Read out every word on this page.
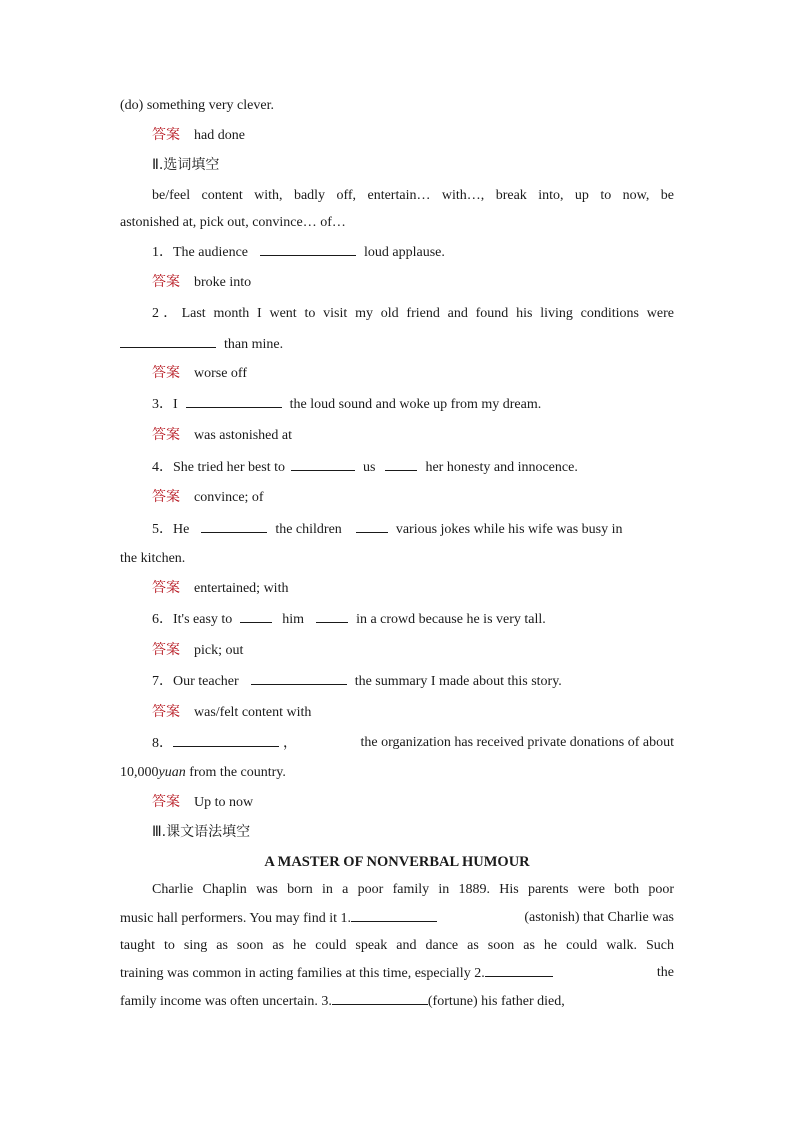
(do) something very clever.
答案 had done
Ⅱ.选词填空
be/feel content with, badly off, entertain… with…, break into, up to now, be
astonished at, pick out, convince… of…
1．The audience	loud applause.
答案 broke into
2．Last month I went to visit my old friend and found his living conditions were
than mine.
答案 worse off
3．I	the loud sound and woke up from my dream.
答案 was astonished at
4．She tried her best to	us	her honesty and innocence.
答案 convince; of
5．He	the children	various jokes while his wife was busy in
the kitchen.
答案 entertained; with
6．It's easy to	him	in a crowd because he is very tall.
答案 pick; out
7．Our teacher	the summary I made about this story.
答案 was/felt content with
8．	，	the organization has received private donations of about
10,000yuan from the country.
答案 Up to now
Ⅲ.课文语法填空
A MASTER OF NONVERBAL HUMOUR
Charlie Chaplin was born in a poor family in 1889. His parents were both poor
music hall performers. You may find it 1.	(astonish) that Charlie was
taught to sing as soon as he could speak and dance as soon as he could walk. Such
training was common in acting families at this time, especially 2.	the
family income was often uncertain. 3.	(fortune) his father died,
